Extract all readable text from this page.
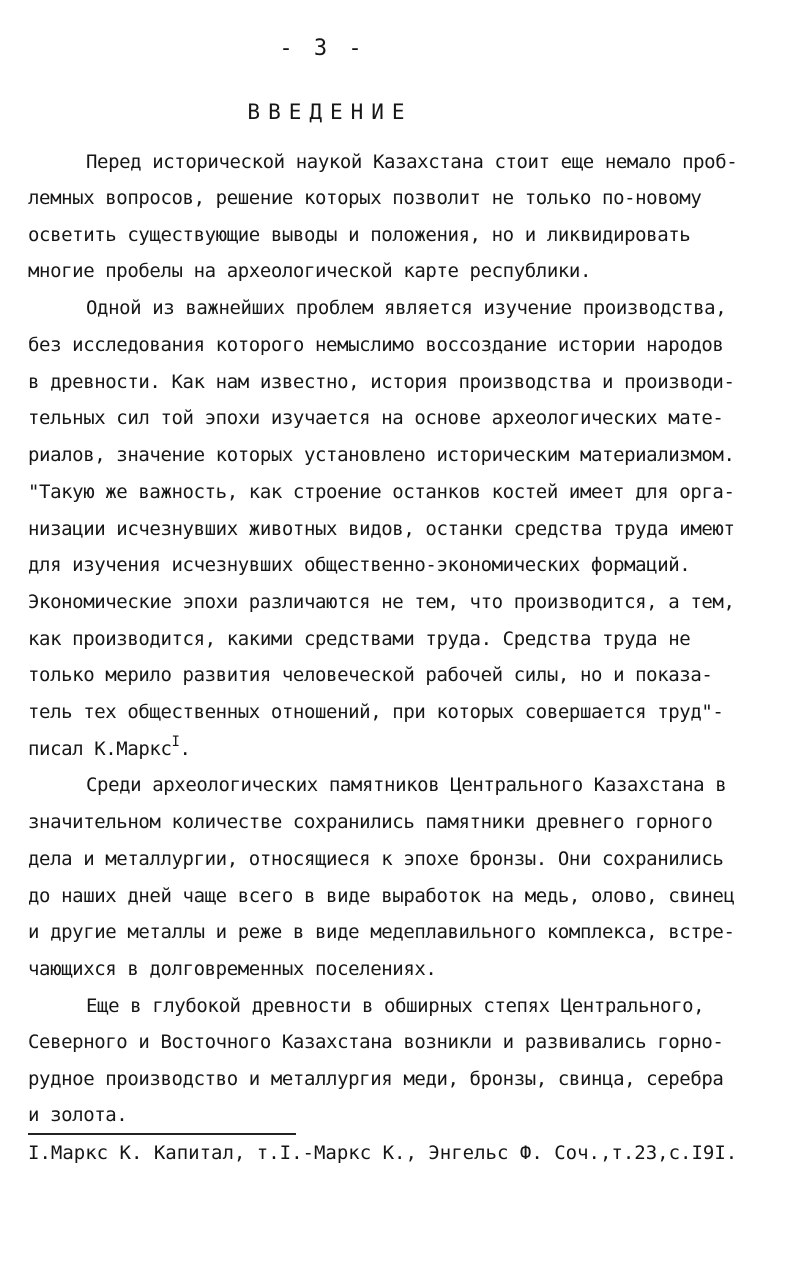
- 3 -
ВВЕДЕНИЕ
Перед исторической наукой Казахстана стоит еще немало проб-
лемных вопросов, решение которых позволит не только по-новому
осветить существующие выводы и положения, но и ликвидировать
многие пробелы на археологической карте республики.
Одной из важнейших проблем является изучение производства,
без исследования которого немыслимо воссоздание истории народов
в древности. Как нам известно, история производства и производи-
тельных сил той эпохи изучается на основе археологических мате-
риалов, значение которых установлено историческим материализмом.
"Такую же важность, как строение останков костей имеет для орга-
низации исчезнувших животных видов, останки средства труда имеют
для изучения исчезнувших общественно-экономических формаций.
Экономические эпохи различаются не тем, что производится, а тем,
как производится, какими средствами труда. Средства труда не
только мерило развития человеческой рабочей силы, но и показа-
тель тех общественных отношений, при которых совершается труд"-
писал К.Маркс$^I$.
Среди археологических памятников Центрального Казахстана в
значительном количестве сохранились памятники древнего горного
дела и металлургии, относящиеся к эпохе бронзы. Они сохранились
до наших дней чаще всего в виде выработок на медь, олово, свинец
и другие металлы и реже в виде медеплавильного комплекса, встре-
чающихся в долговременных поселениях.
Еще в глубокой древности в обширных степях Центрального,
Северного и Восточного Казахстана возникли и развивались горно-
рудное производство и металлургия меди, бронзы, свинца, серебра
и золота.
I.Маркс К. Капитал, т.I.-Маркс К., Энгельс Ф. Соч.,т.23,с.I9I.
